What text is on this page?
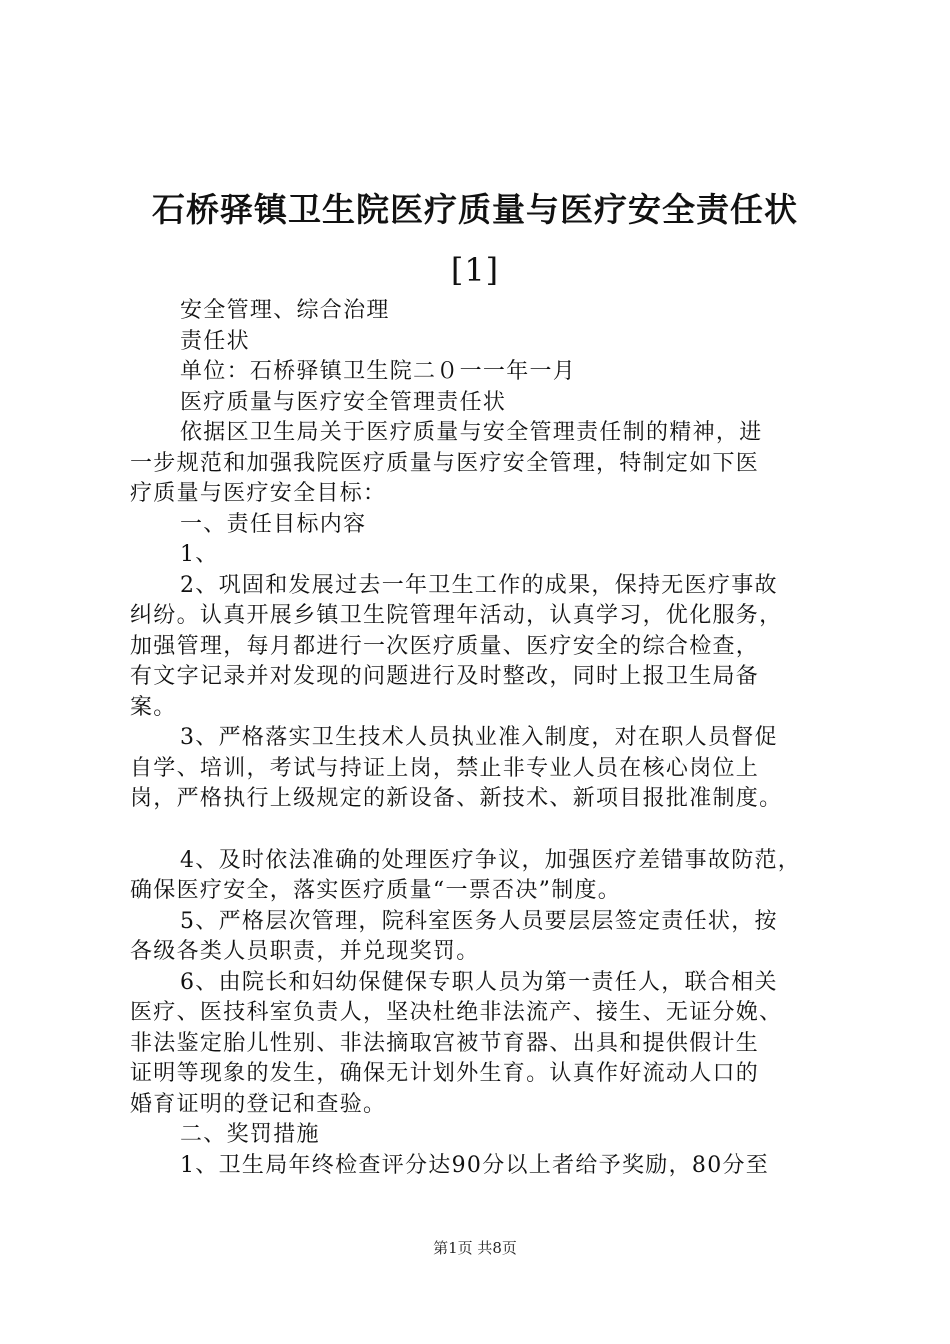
石桥驿镇卫生院医疗质量与医疗安全责任状
[1]
安全管理、综合治理
责任状
单位：石桥驿镇卫生院二０一一年一月
医疗质量与医疗安全管理责任状
依据区卫生局关于医疗质量与安全管理责任制的精神，进
一步规范和加强我院医疗质量与医疗安全管理，特制定如下医
疗质量与医疗安全目标：
一、责任目标内容
1、
2、巩固和发展过去一年卫生工作的成果，保持无医疗事故
纠纷。认真开展乡镇卫生院管理年活动，认真学习，优化服务，
加强管理，每月都进行一次医疗质量、医疗安全的综合检查，
有文字记录并对发现的问题进行及时整改，同时上报卫生局备
案。
3、严格落实卫生技术人员执业准入制度，对在职人员督促
自学、培训，考试与持证上岗，禁止非专业人员在核心岗位上
岗，严格执行上级规定的新设备、新技术、新项目报批准制度。
4、及时依法准确的处理医疗争议，加强医疗差错事故防范，
确保医疗安全，落实医疗质量“一票否决”制度。
5、严格层次管理，院科室医务人员要层层签定责任状，按
各级各类人员职责，并兑现奖罚。
6、由院长和妇幼保健保专职人员为第一责任人，联合相关
医疗、医技科室负责人，坚决杜绝非法流产、接生、无证分娩、
非法鉴定胎儿性别、非法摘取宫被节育器、出具和提供假计生
证明等现象的发生，确保无计划外生育。认真作好流动人口的
婚育证明的登记和查验。
二、奖罚措施
1、卫生局年终检查评分达90分以上者给予奖励，80分至
第1页 共8页
